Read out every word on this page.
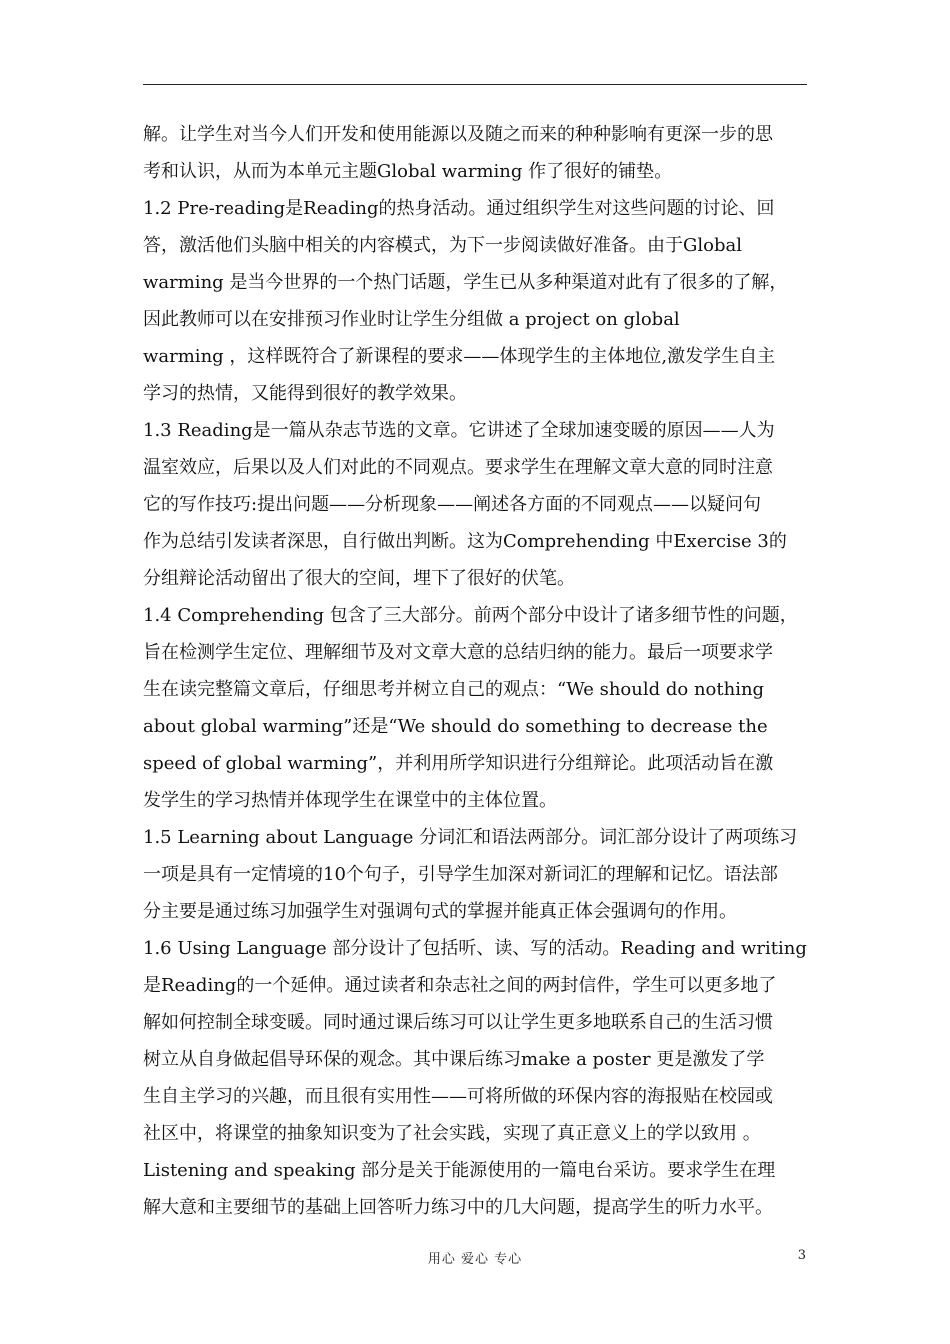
解。让学生对当今人们开发和使用能源以及随之而来的种种影响有更深一步的思
考和认识，从而为本单元主题Global warming 作了很好的铺垫。
1.2 Pre-reading是Reading的热身活动。通过组织学生对这些问题的讨论、回
答，激活他们头脑中相关的内容模式，为下一步阅读做好准备。由于Global
warming 是当今世界的一个热门话题，学生已从多种渠道对此有了很多的了解，
因此教师可以在安排预习作业时让学生分组做 a project on global
warming ，这样既符合了新课程的要求——体现学生的主体地位,激发学生自主
学习的热情，又能得到很好的教学效果。
1.3 Reading是一篇从杂志节选的文章。它讲述了全球加速变暖的原因——人为
温室效应，后果以及人们对此的不同观点。要求学生在理解文章大意的同时注意
它的写作技巧:提出问题——分析现象——阐述各方面的不同观点——以疑问句
作为总结引发读者深思，自行做出判断。这为Comprehending 中Exercise 3的
分组辩论活动留出了很大的空间，埋下了很好的伏笔。
1.4 Comprehending 包含了三大部分。前两个部分中设计了诸多细节性的问题，
旨在检测学生定位、理解细节及对文章大意的总结归纳的能力。最后一项要求学
生在读完整篇文章后，仔细思考并树立自己的观点：“We should do nothing
about global warming”还是“We should do something to decrease the
speed of global warming”，并利用所学知识进行分组辩论。此项活动旨在激
发学生的学习热情并体现学生在课堂中的主体位置。
1.5 Learning about Language 分词汇和语法两部分。词汇部分设计了两项练习
一项是具有一定情境的10个句子，引导学生加深对新词汇的理解和记忆。语法部
分主要是通过练习加强学生对强调句式的掌握并能真正体会强调句的作用。
1.6 Using Language 部分设计了包括听、读、写的活动。Reading and writing
是Reading的一个延伸。通过读者和杂志社之间的两封信件，学生可以更多地了
解如何控制全球变暖。同时通过课后练习可以让学生更多地联系自己的生活习惯
树立从自身做起倡导环保的观念。其中课后练习make a poster 更是激发了学
生自主学习的兴趣，而且很有实用性——可将所做的环保内容的海报贴在校园或
社区中，将课堂的抽象知识变为了社会实践，实现了真正意义上的学以致用 。
Listening and speaking 部分是关于能源使用的一篇电台采访。要求学生在理
解大意和主要细节的基础上回答听力练习中的几大问题，提高学生的听力水平。
用心 爱心 专心	3
